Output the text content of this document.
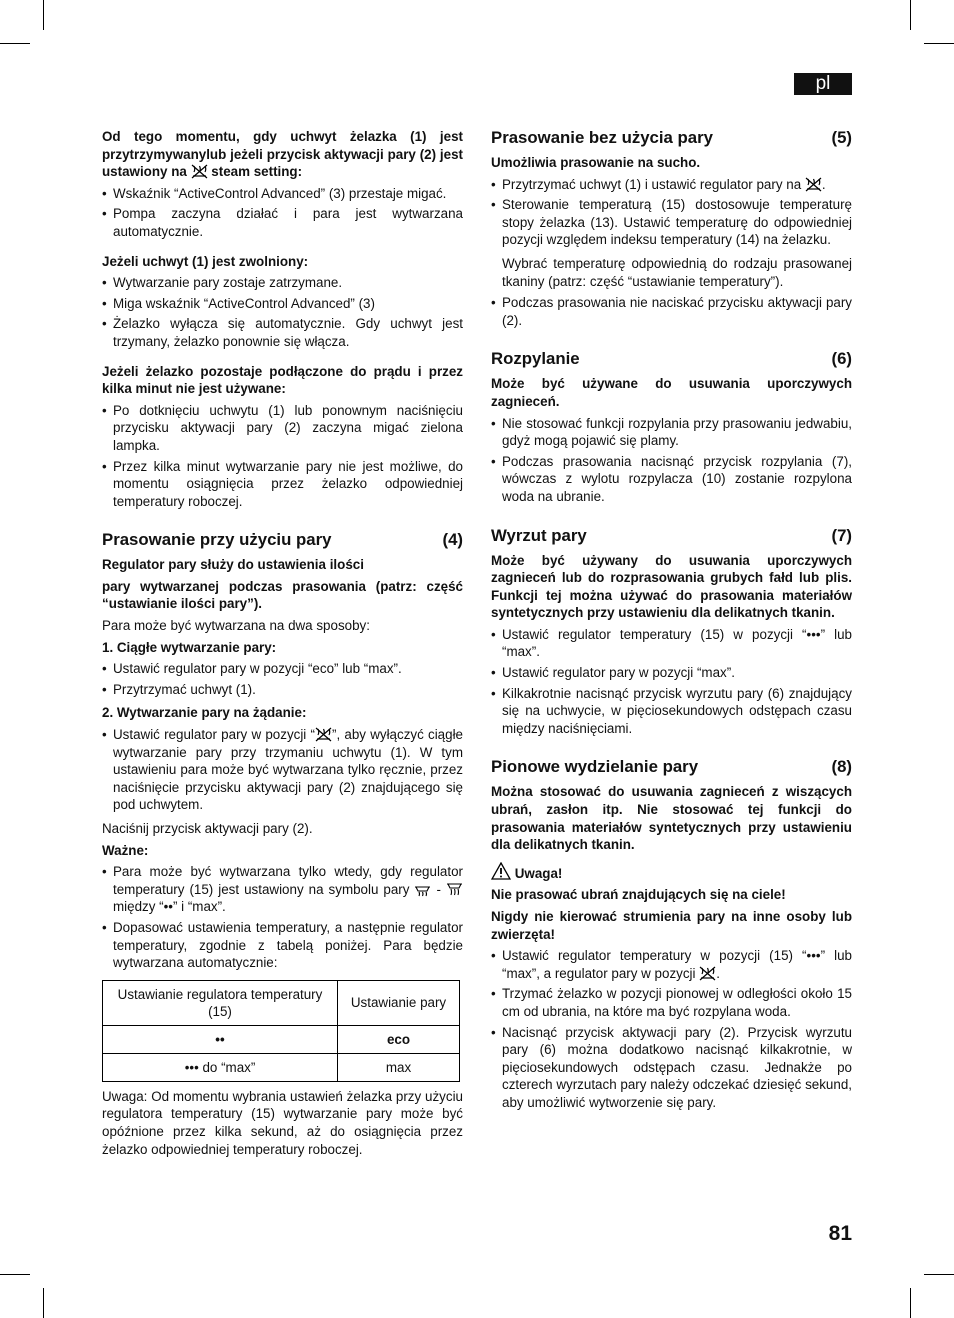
pl

Od tego momentu, gdy uchwyt żelazka (1) jest przytrzymywanylub jeżeli przycisk aktywacji pary (2) jest ustawiony na steam setting:

• Wskaźnik “ActiveControl Advanced” (3) przestaje migać.
• Pompa zaczyna działać i para jest wytwarzana automatycznie.

Jeżeli uchwyt (1) jest zwolniony:

• Wytwarzanie pary zostaje zatrzymane.
• Miga wskaźnik “ActiveControl Advanced” (3)
• Żelazko wyłącza się automatycznie. Gdy uchwyt jest trzymany, żelazko ponownie się włącza.

Jeżeli żelazko pozostaje podłączone do prądu i przez kilka minut nie jest używane:

• Po dotknięciu uchwytu (1) lub ponownym naciśnięciu przycisku aktywacji pary (2) zaczyna migać zielona lampka.
• Przez kilka minut wytwarzanie pary nie jest możliwe, do momentu osiągnięcia przez żelazko odpowiedniej temperatury roboczej.
Prasowanie przy użyciu pary	(4)

Regulator pary służy do ustawienia ilości

pary wytwarzanej podczas prasowania (patrz: część “ustawianie ilości pary”).

Para może być wytwarzana na dwa sposoby:

1. Ciągłe wytwarzanie pary:

• Ustawić regulator pary w pozycji “eco” lub “max”.
• Przytrzymać uchwyt (1).

2. Wytwarzanie pary na żądanie:

• Ustawić regulator pary w pozycji “ ”, aby wyłączyć ciągłe wytwarzanie pary przy trzymaniu uchwytu (1). W tym ustawieniu para może być wytwarzana tylko ręcznie, przez naciśnięcie przycisku aktywacji pary (2) znajdującego się pod uchwytem.

Naciśnij przycisk aktywacji pary (2).

Ważne:

• Para może być wytwarzana tylko wtedy, gdy regulator temperatury (15) jest ustawiony na symbolu pary -
między “••” i “max”.
• Dopasować ustawienia temperatury, a następnie regulator temperatury, zgodnie z tabelą poniżej. Para będzie wytwarzana automatycznie:
Ustawianie regulatora temperatury (15)	Ustawianie pary
••	eco
••• do “max”	max

Uwaga: Od momentu wybrania ustawień żelazka przy użyciu regulatora temperatury (15) wytwarzanie pary może być opóźnione przez kilka sekund, aż do osiągnięcia przez żelazko odpowiedniej temperatury roboczej.

Prasowanie bez użycia pary	(5)

Umożliwia prasowanie na sucho.

• Przytrzymać uchwyt (1) i ustawić regulator pary na .
• Sterowanie temperaturą (15) dostosowuje temperaturę stopy żelazka (13). Ustawić temperaturę do odpowiedniej pozycji względem indeksu temperatury (14) na żelazku.

Wybrać temperaturę odpowiednią do rodzaju prasowanej tkaniny (patrz: część “ustawianie temperatury”).

• Podczas prasowania nie naciskać przycisku aktywacji pary (2).
Rozpylanie	(6)

Może być używane do usuwania uporczywych zagnieceń.

• Nie stosować funkcji rozpylania przy prasowaniu jedwabiu, gdyż mogą pojawić się plamy.
• Podczas prasowania nacisnąć przycisk rozpylania (7), wówczas z wylotu rozpylacza (10) zostanie rozpylona woda na ubranie.
Wyrzut pary	(7)

Może być używany do usuwania uporczywych zagnieceń lub do rozprasowania grubych fałd lub plis. Funkcji tej można używać do prasowania materiałów syntetycznych przy ustawieniu dla delikatnych tkanin.

• Ustawić regulator temperatury (15) w pozycji “•••” lub “max”.
• Ustawić regulator pary w pozycji “max”.
• Kilkakrotnie nacisnąć przycisk wyrzutu pary (6) znajdujący się na uchwycie, w pięciosekundowych odstępach czasu między naciśnięciami.
Pionowe wydzielanie pary	(8)

Można stosować do usuwania zagnieceń z wiszących ubrań, zasłon itp. Nie stosować tej funkcji do prasowania materiałów syntetycznych przy ustawieniu dla delikatnych tkanin.

Uwaga!

Nie prasować ubrań znajdujących się na ciele!

Nigdy nie kierować strumienia pary na inne osoby lub zwierzęta!

• Ustawić regulator temperatury w pozycji (15) “•••” lub “max”, a regulator pary w pozycji .
• Trzymać żelazko w pozycji pionowej w odległości około 15 cm od ubrania, na które ma być rozpylana woda.
• Nacisnąć przycisk aktywacji pary (2). Przycisk wyrzutu pary (6) można dodatkowo nacisnąć kilkakrotnie, w pięciosekundowych odstępach czasu. Jednakże po czterech wyrzutach pary należy odczekać dziesięć sekund, aby umożliwić wytworzenie się pary.
81
